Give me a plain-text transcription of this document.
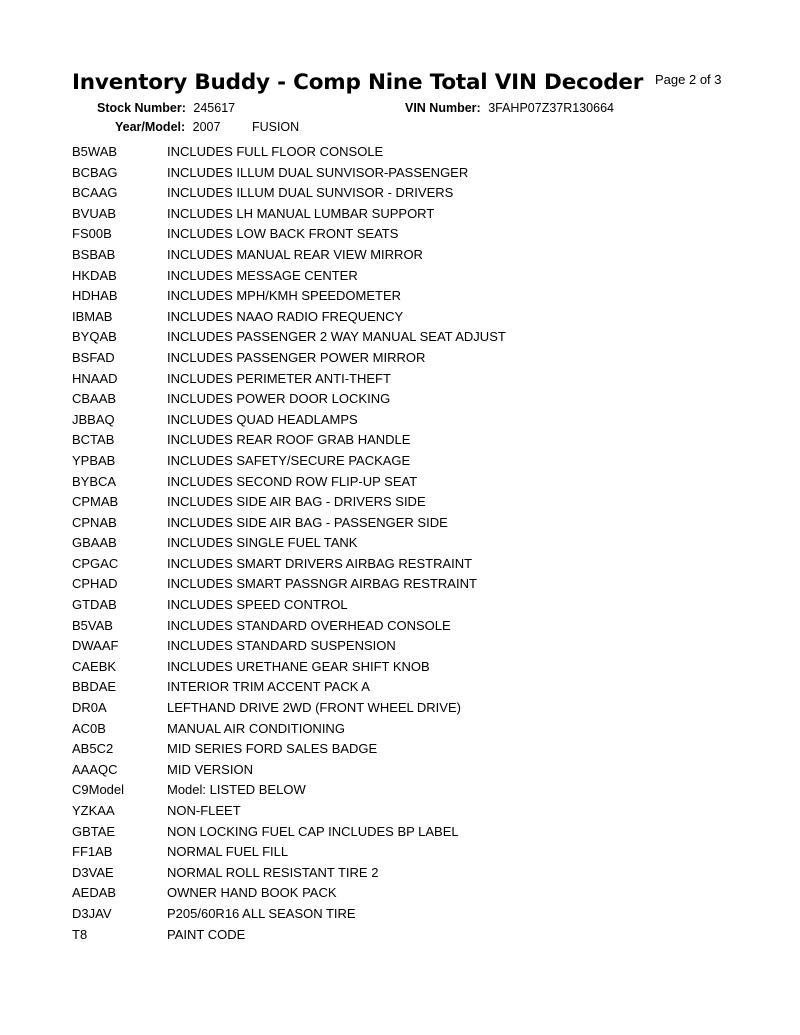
Inventory Buddy - Comp Nine Total VIN Decoder Page 2 of 3
Stock Number: 245617	VIN Number: 3FAHP07Z37R130664
Year/Model: 2007	FUSION
B5WAB	INCLUDES FULL FLOOR CONSOLE
BCBAG	INCLUDES ILLUM DUAL SUNVISOR-PASSENGER
BCAAG	INCLUDES ILLUM DUAL SUNVISOR - DRIVERS
BVUAB	INCLUDES LH MANUAL LUMBAR SUPPORT
FS00B	INCLUDES LOW BACK FRONT SEATS
BSBAB	INCLUDES MANUAL REAR VIEW MIRROR
HKDAB	INCLUDES MESSAGE CENTER
HDHAB	INCLUDES MPH/KMH SPEEDOMETER
IBMAB	INCLUDES NAAO RADIO FREQUENCY
BYQAB	INCLUDES PASSENGER 2 WAY MANUAL SEAT ADJUST
BSFAD	INCLUDES PASSENGER POWER MIRROR
HNAAD	INCLUDES PERIMETER ANTI-THEFT
CBAAB	INCLUDES POWER DOOR LOCKING
JBBAQ	INCLUDES QUAD HEADLAMPS
BCTAB	INCLUDES REAR ROOF GRAB HANDLE
YPBAB	INCLUDES SAFETY/SECURE PACKAGE
BYBCA	INCLUDES SECOND ROW FLIP-UP SEAT
CPMAB	INCLUDES SIDE AIR BAG - DRIVERS SIDE
CPNAB	INCLUDES SIDE AIR BAG - PASSENGER SIDE
GBAAB	INCLUDES SINGLE FUEL TANK
CPGAC	INCLUDES SMART DRIVERS AIRBAG RESTRAINT
CPHAD	INCLUDES SMART PASSNGR AIRBAG RESTRAINT
GTDAB	INCLUDES SPEED CONTROL
B5VAB	INCLUDES STANDARD OVERHEAD CONSOLE
DWAAF	INCLUDES STANDARD SUSPENSION
CAEBK	INCLUDES URETHANE GEAR SHIFT KNOB
BBDAE	INTERIOR TRIM ACCENT PACK A
DR0A	LEFTHAND DRIVE 2WD (FRONT WHEEL DRIVE)
AC0B	MANUAL AIR CONDITIONING
AB5C2	MID SERIES FORD SALES BADGE
AAAQC	MID VERSION
C9Model	Model: LISTED BELOW
YZKAA	NON-FLEET
GBTAE	NON LOCKING FUEL CAP INCLUDES BP LABEL
FF1AB	NORMAL FUEL FILL
D3VAE	NORMAL ROLL RESISTANT TIRE 2
AEDAB	OWNER HAND BOOK PACK
D3JAV	P205/60R16 ALL SEASON TIRE
T8	PAINT CODE
